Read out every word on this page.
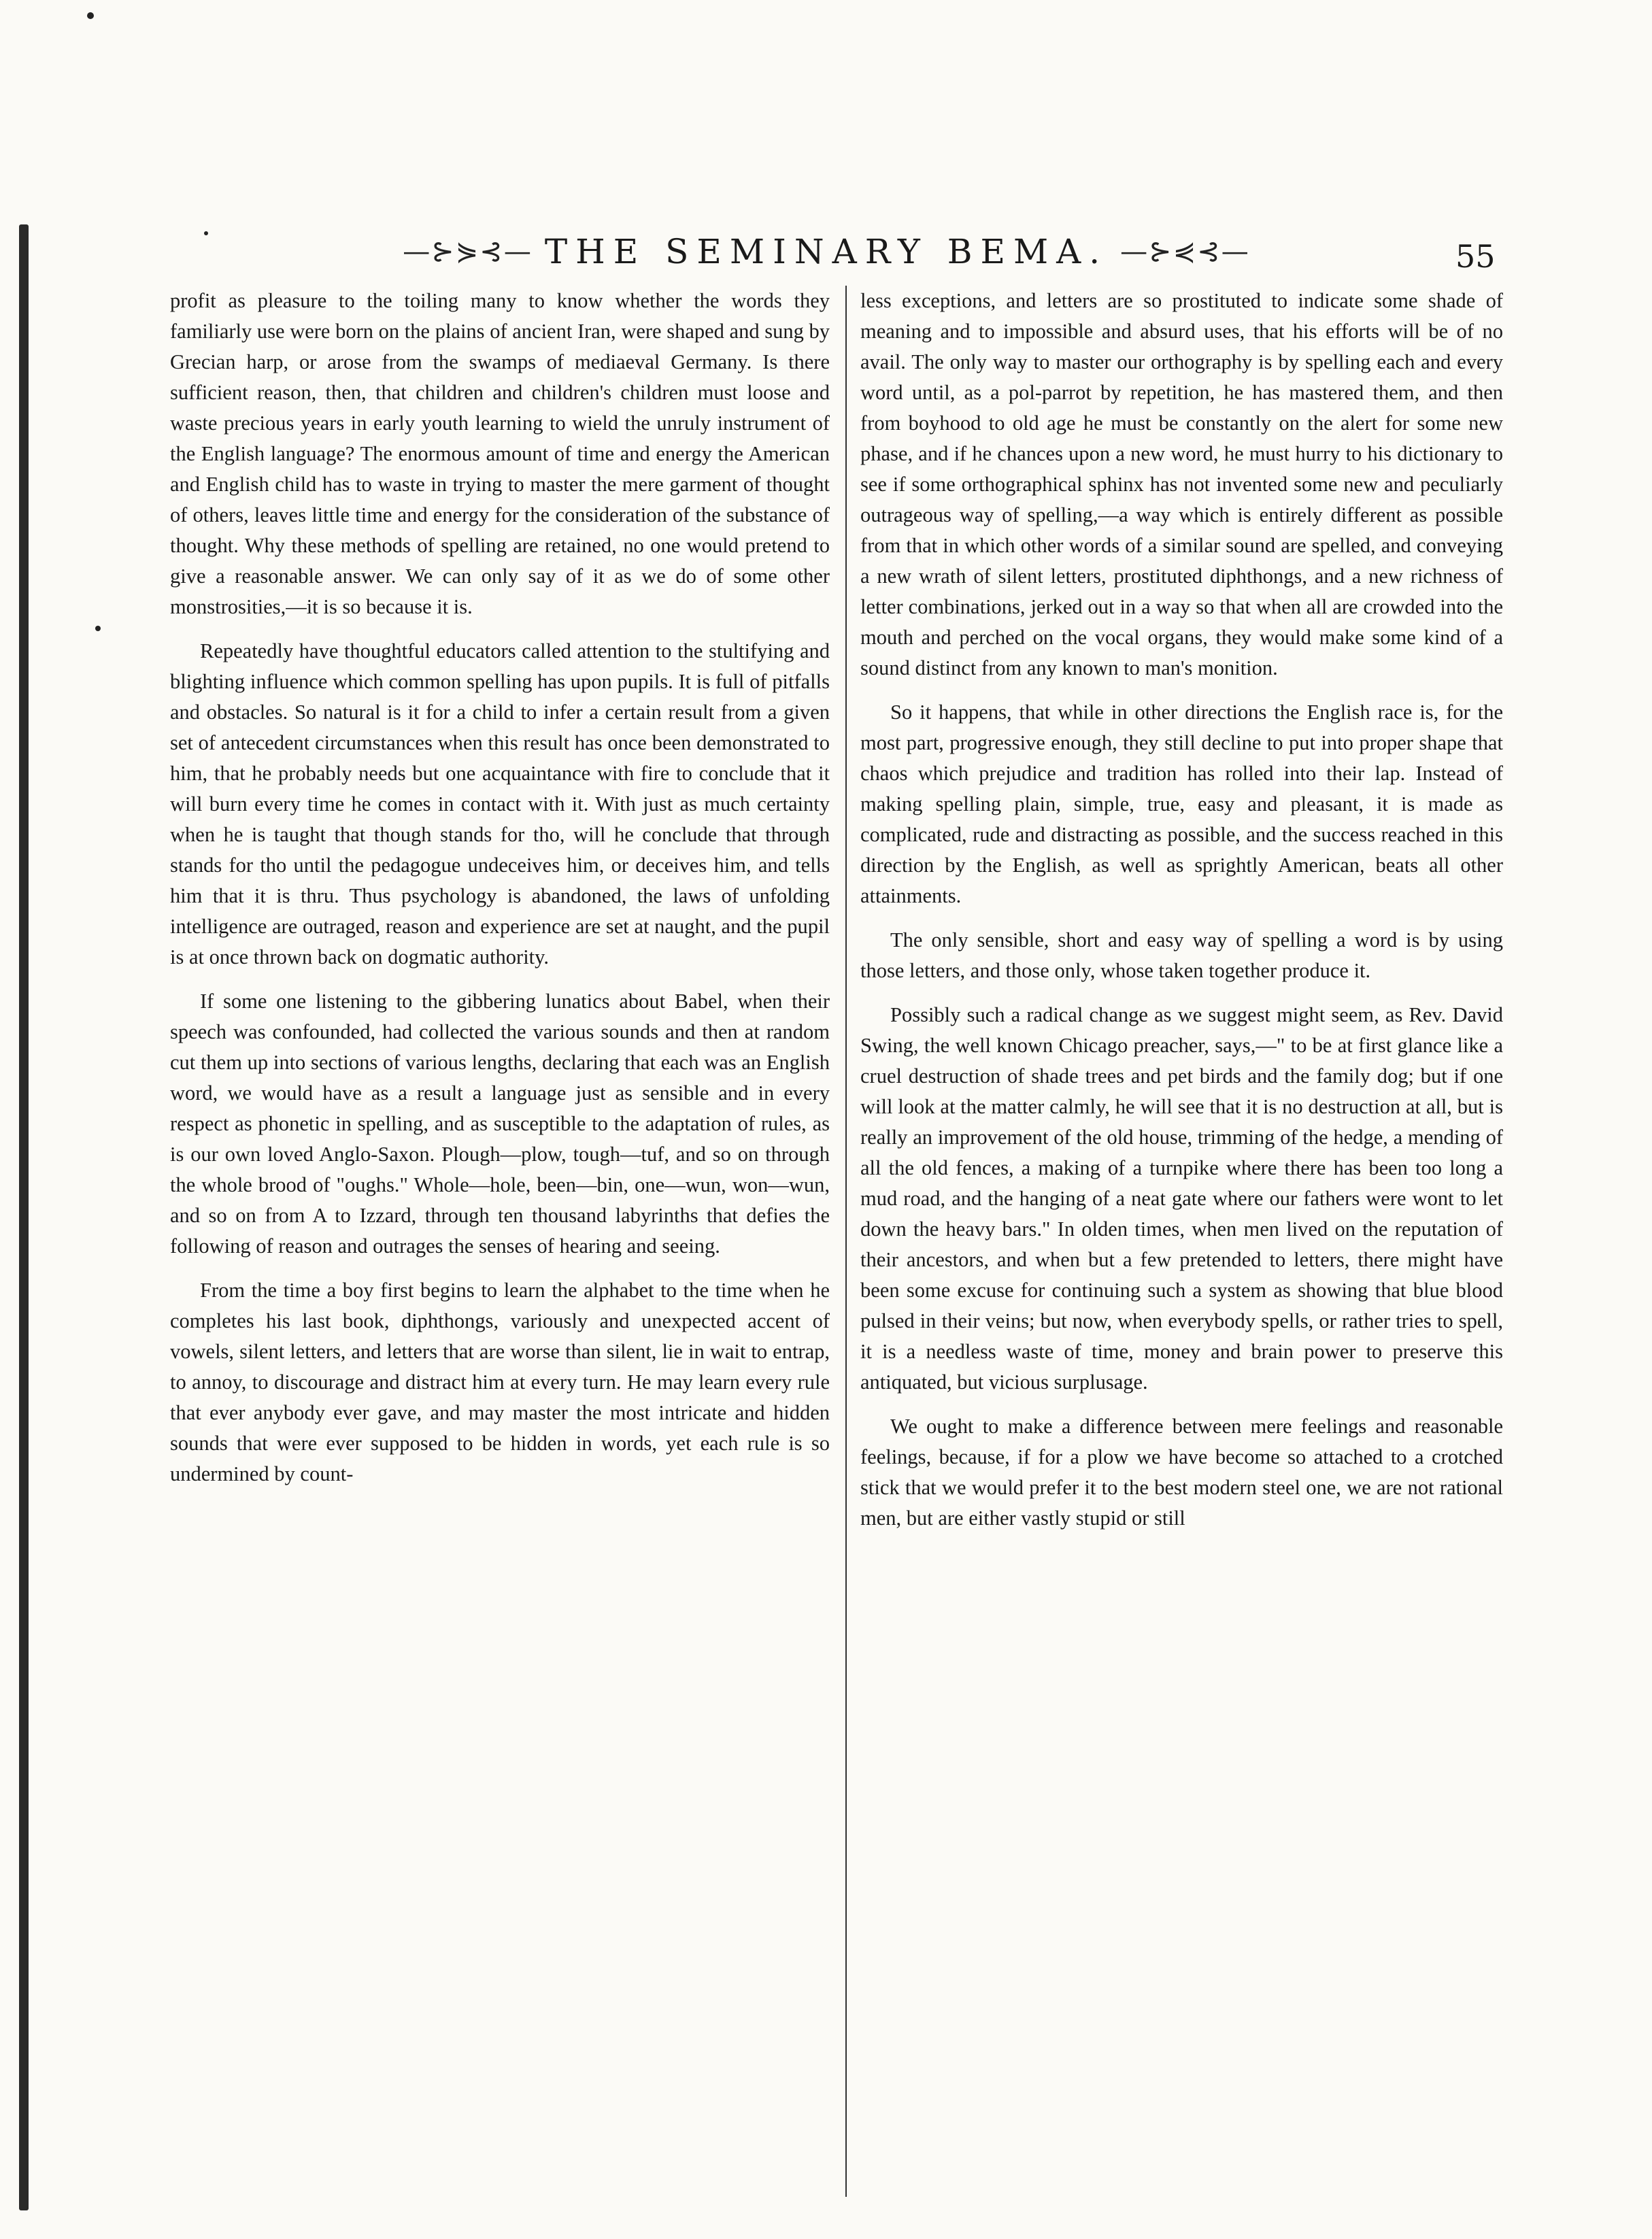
—⊱⋟⊰— THE SEMINARY BEMA. —⊱⋞⊰—	55

profit as pleasure to the toiling many to know whether the words they familiarly use were born on the plains of ancient Iran, were shaped and sung by Grecian harp, or arose from the swamps of mediaeval Germany. Is there sufficient reason, then, that children and children's children must loose and waste precious years in early youth learning to wield the unruly instrument of the English language? The enormous amount of time and energy the American and English child has to waste in trying to master the mere garment of thought of others, leaves little time and energy for the consideration of the substance of thought. Why these methods of spelling are retained, no one would pretend to give a reasonable answer. We can only say of it as we do of some other monstrosities,—it is so because it is.

Repeatedly have thoughtful educators called attention to the stultifying and blighting influence which common spelling has upon pupils. It is full of pitfalls and obstacles. So natural is it for a child to infer a certain result from a given set of antecedent circumstances when this result has once been demonstrated to him, that he probably needs but one acquaintance with fire to conclude that it will burn every time he comes in contact with it. With just as much certainty when he is taught that though stands for tho, will he conclude that through stands for tho until the pedagogue undeceives him, or deceives him, and tells him that it is thru. Thus psychology is abandoned, the laws of unfolding intelligence are outraged, reason and experience are set at naught, and the pupil is at once thrown back on dogmatic authority.

If some one listening to the gibbering lunatics about Babel, when their speech was confounded, had collected the various sounds and then at random cut them up into sections of various lengths, declaring that each was an English word, we would have as a result a language just as sensible and in every respect as phonetic in spelling, and as susceptible to the adaptation of rules, as is our own loved Anglo-Saxon. Plough—plow, tough—tuf, and so on through the whole brood of "oughs." Whole—hole, been—bin, one—wun, won—wun, and so on from A to Izzard, through ten thousand labyrinths that defies the following of reason and outrages the senses of hearing and seeing.

From the time a boy first begins to learn the alphabet to the time when he completes his last book, diphthongs, variously and unexpected accent of vowels, silent letters, and letters that are worse than silent, lie in wait to entrap, to annoy, to discourage and distract him at every turn. He may learn every rule that ever anybody ever gave, and may master the most intricate and hidden sounds that were ever supposed to be hidden in words, yet each rule is so undermined by count-

less exceptions, and letters are so prostituted to indicate some shade of meaning and to impossible and absurd uses, that his efforts will be of no avail. The only way to master our orthography is by spelling each and every word until, as a pol-parrot by repetition, he has mastered them, and then from boyhood to old age he must be constantly on the alert for some new phase, and if he chances upon a new word, he must hurry to his dictionary to see if some orthographical sphinx has not invented some new and peculiarly outrageous way of spelling,—a way which is entirely different as possible from that in which other words of a similar sound are spelled, and conveying a new wrath of silent letters, prostituted diphthongs, and a new richness of letter combinations, jerked out in a way so that when all are crowded into the mouth and perched on the vocal organs, they would make some kind of a sound distinct from any known to man's monition.

So it happens, that while in other directions the English race is, for the most part, progressive enough, they still decline to put into proper shape that chaos which prejudice and tradition has rolled into their lap. Instead of making spelling plain, simple, true, easy and pleasant, it is made as complicated, rude and distracting as possible, and the success reached in this direction by the English, as well as sprightly American, beats all other attainments.

The only sensible, short and easy way of spelling a word is by using those letters, and those only, whose taken together produce it.

Possibly such a radical change as we suggest might seem, as Rev. David Swing, the well known Chicago preacher, says,—" to be at first glance like a cruel destruction of shade trees and pet birds and the family dog; but if one will look at the matter calmly, he will see that it is no destruction at all, but is really an improvement of the old house, trimming of the hedge, a mending of all the old fences, a making of a turnpike where there has been too long a mud road, and the hanging of a neat gate where our fathers were wont to let down the heavy bars." In olden times, when men lived on the reputation of their ancestors, and when but a few pretended to letters, there might have been some excuse for continuing such a system as showing that blue blood pulsed in their veins; but now, when everybody spells, or rather tries to spell, it is a needless waste of time, money and brain power to preserve this antiquated, but vicious surplusage.

We ought to make a difference between mere feelings and reasonable feelings, because, if for a plow we have become so attached to a crotched stick that we would prefer it to the best modern steel one, we are not rational men, but are either vastly stupid or still
